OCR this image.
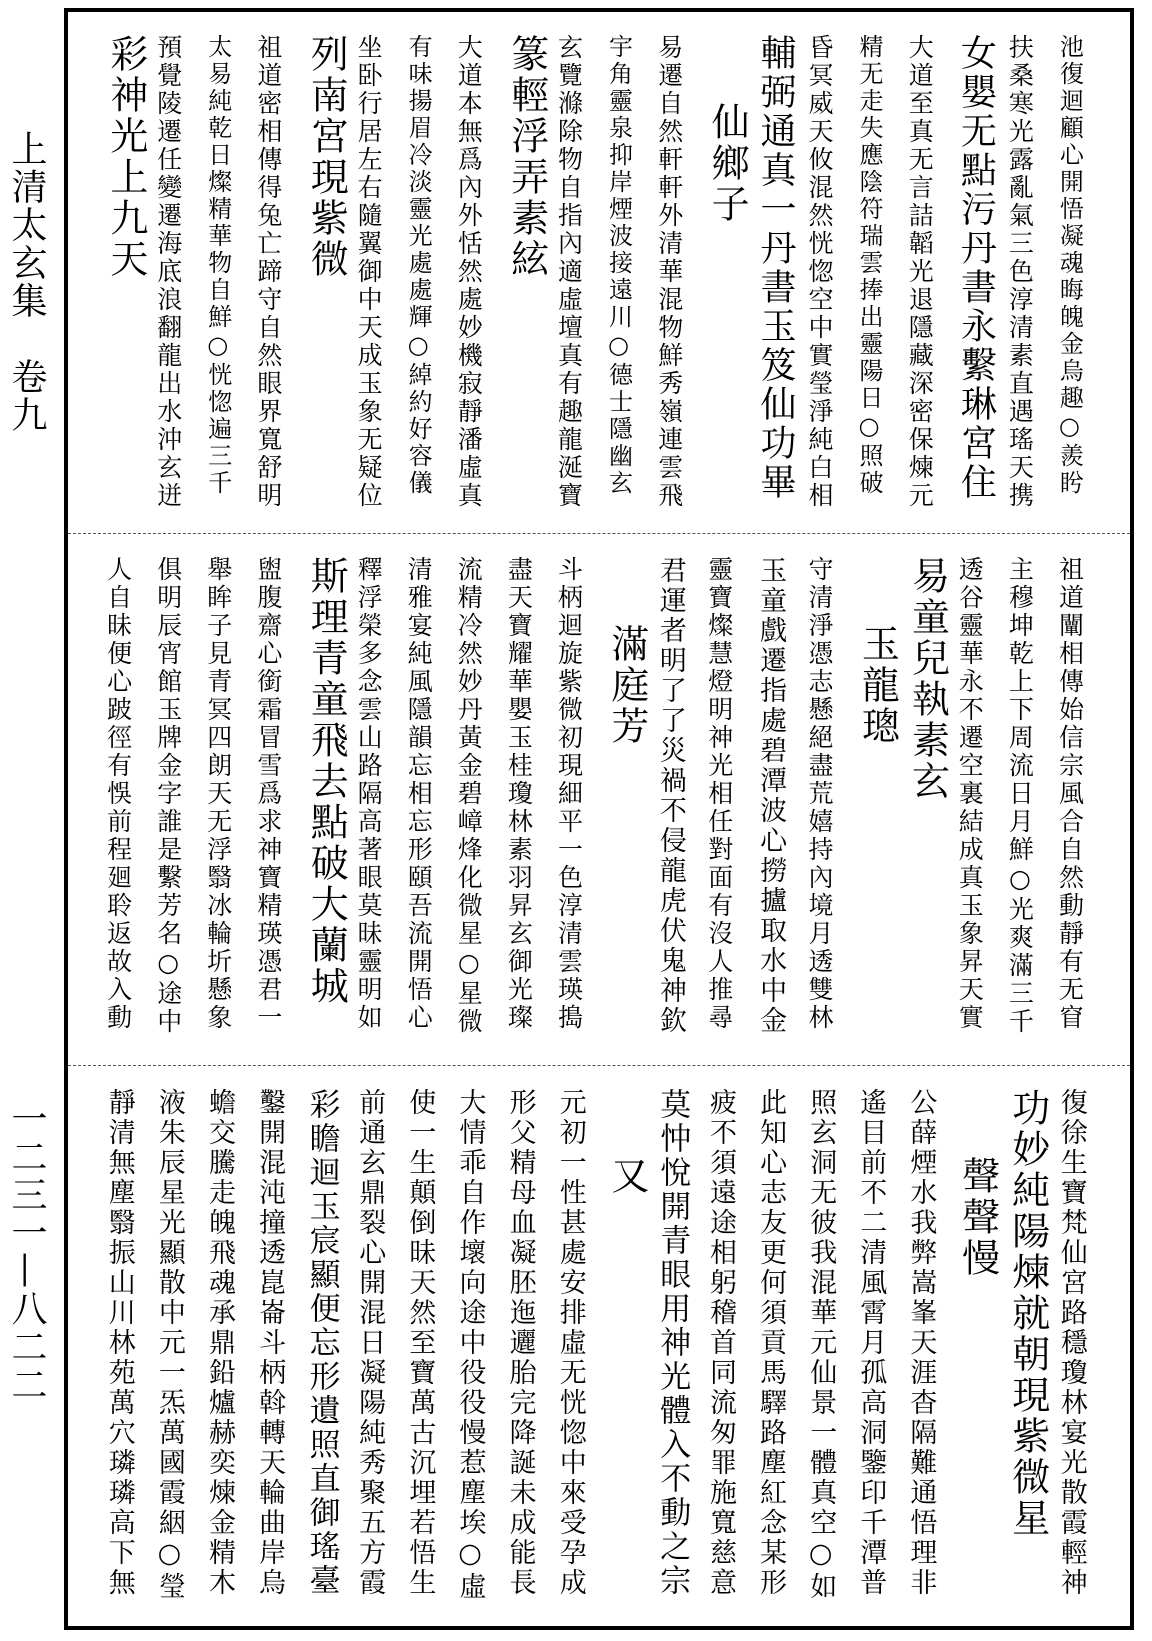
上清太玄集　卷九
一二三一—八二二
池復迴顧心開悟凝魂晦魄金烏趣○羨盻
扶桑寒光露亂氣三色淳清素直遇瑤天携
女嬰无點污丹書永繫琳宮住
大道至真无言詰韜光退隱藏深密保煉元
精无走失應陰符瑞雲捧出靈陽日○照破
昏冥威天攸混然恍惚空中實瑩淨純白相
輔弼通真一丹書玉笈仙功畢
仙鄉子
易遷自然軒軒外清華混物鮮秀嶺連雲飛
宇角靈泉抑岸煙波接遠川○德士隱幽玄
玄覽滌除物自指內適虛壇真有趣龍涎寶
篆輕浮弄素絃
大道本無爲內外恬然處妙機寂靜潘虛真
有味揚眉冷淡靈光處處輝○綽約好容儀
坐卧行居左右隨翼御中天成玉象无疑位
列南宮現紫微
祖道密相傳得兔亡蹄守自然眼界寬舒明
太易純乾日燦精華物自鮮○恍惚遍三千
預覺陵遷任變遷海底浪翻龍出水沖玄迸
彩神光上九天
祖道闡相傳始信宗風合自然動靜有无窅
主穆坤乾上下周流日月鮮○光爽滿三千
透谷靈華永不遷空裏結成真玉象昇天實
易童兒執素玄
玉龍璁
守清淨憑志懸絕盡荒嬉持內境月透雙林
玉童戲遷指處碧潭波心撈攎取水中金
靈寶燦慧燈明神光相任對面有沒人推尋
君運者明了了災禍不侵龍虎伏鬼神欽
滿庭芳
斗柄迴旋紫微初現細平一色淳清雲瑛搗
盡天寶耀華嬰玉桂瓊林素羽昇玄御光璨
流精冷然妙丹黃金碧嶂烽化微星○星微
清雅宴純風隱韻忘相忘形頤吾流開悟心
釋浮榮多念雲山路隔高著眼莫昧靈明如
斯理青童飛去點破大蘭城
盥腹齋心銜霜冒雪爲求神寶精瑛憑君一
舉眸子見青冥四朗天无浮翳冰輪圻懸象
俱明辰宵館玉牌金字誰是繫芳名○途中
人自昧便心跛徑有悞前程廻聆返故入動
復徐生寶梵仙宮路穩瓊林宴光散霞輕神
功妙純陽煉就朝現紫微星
聲聲慢
公薛煙水我弊嵩峯天涯杳隔難通悟理非
遙目前不二清風霄月孤高洞鑒印千潭普
照玄洞无彼我混華元仙景一體真空○如
此知心志友更何須貢馬驛路塵紅念某形
疲不須遠途相躬稽首同流匆罪施寬慈意
莫忡悅開青眼用神光體入不動之宗
又
元初一性甚處安排虛无恍惚中來受孕成
形父精母血凝胚迤邐胎完降誕未成能長
大情乖自作壞向途中役役慢惹塵埃○虛
使一生顛倒昧天然至寶萬古沉埋若悟生
前通玄鼎裂心開混日凝陽純秀聚五方霞
彩瞻迴玉宸顯便忘形遺照直御瑤臺
鑿開混沌撞透崑崙斗柄斡轉天輪曲岸烏
蟾交騰走魄飛魂承鼎鉛爐赫奕煉金精木
液朱辰星光顯散中元一炁萬國霞絪○瑩
靜清無塵翳振山川林苑萬穴璘璘高下無
